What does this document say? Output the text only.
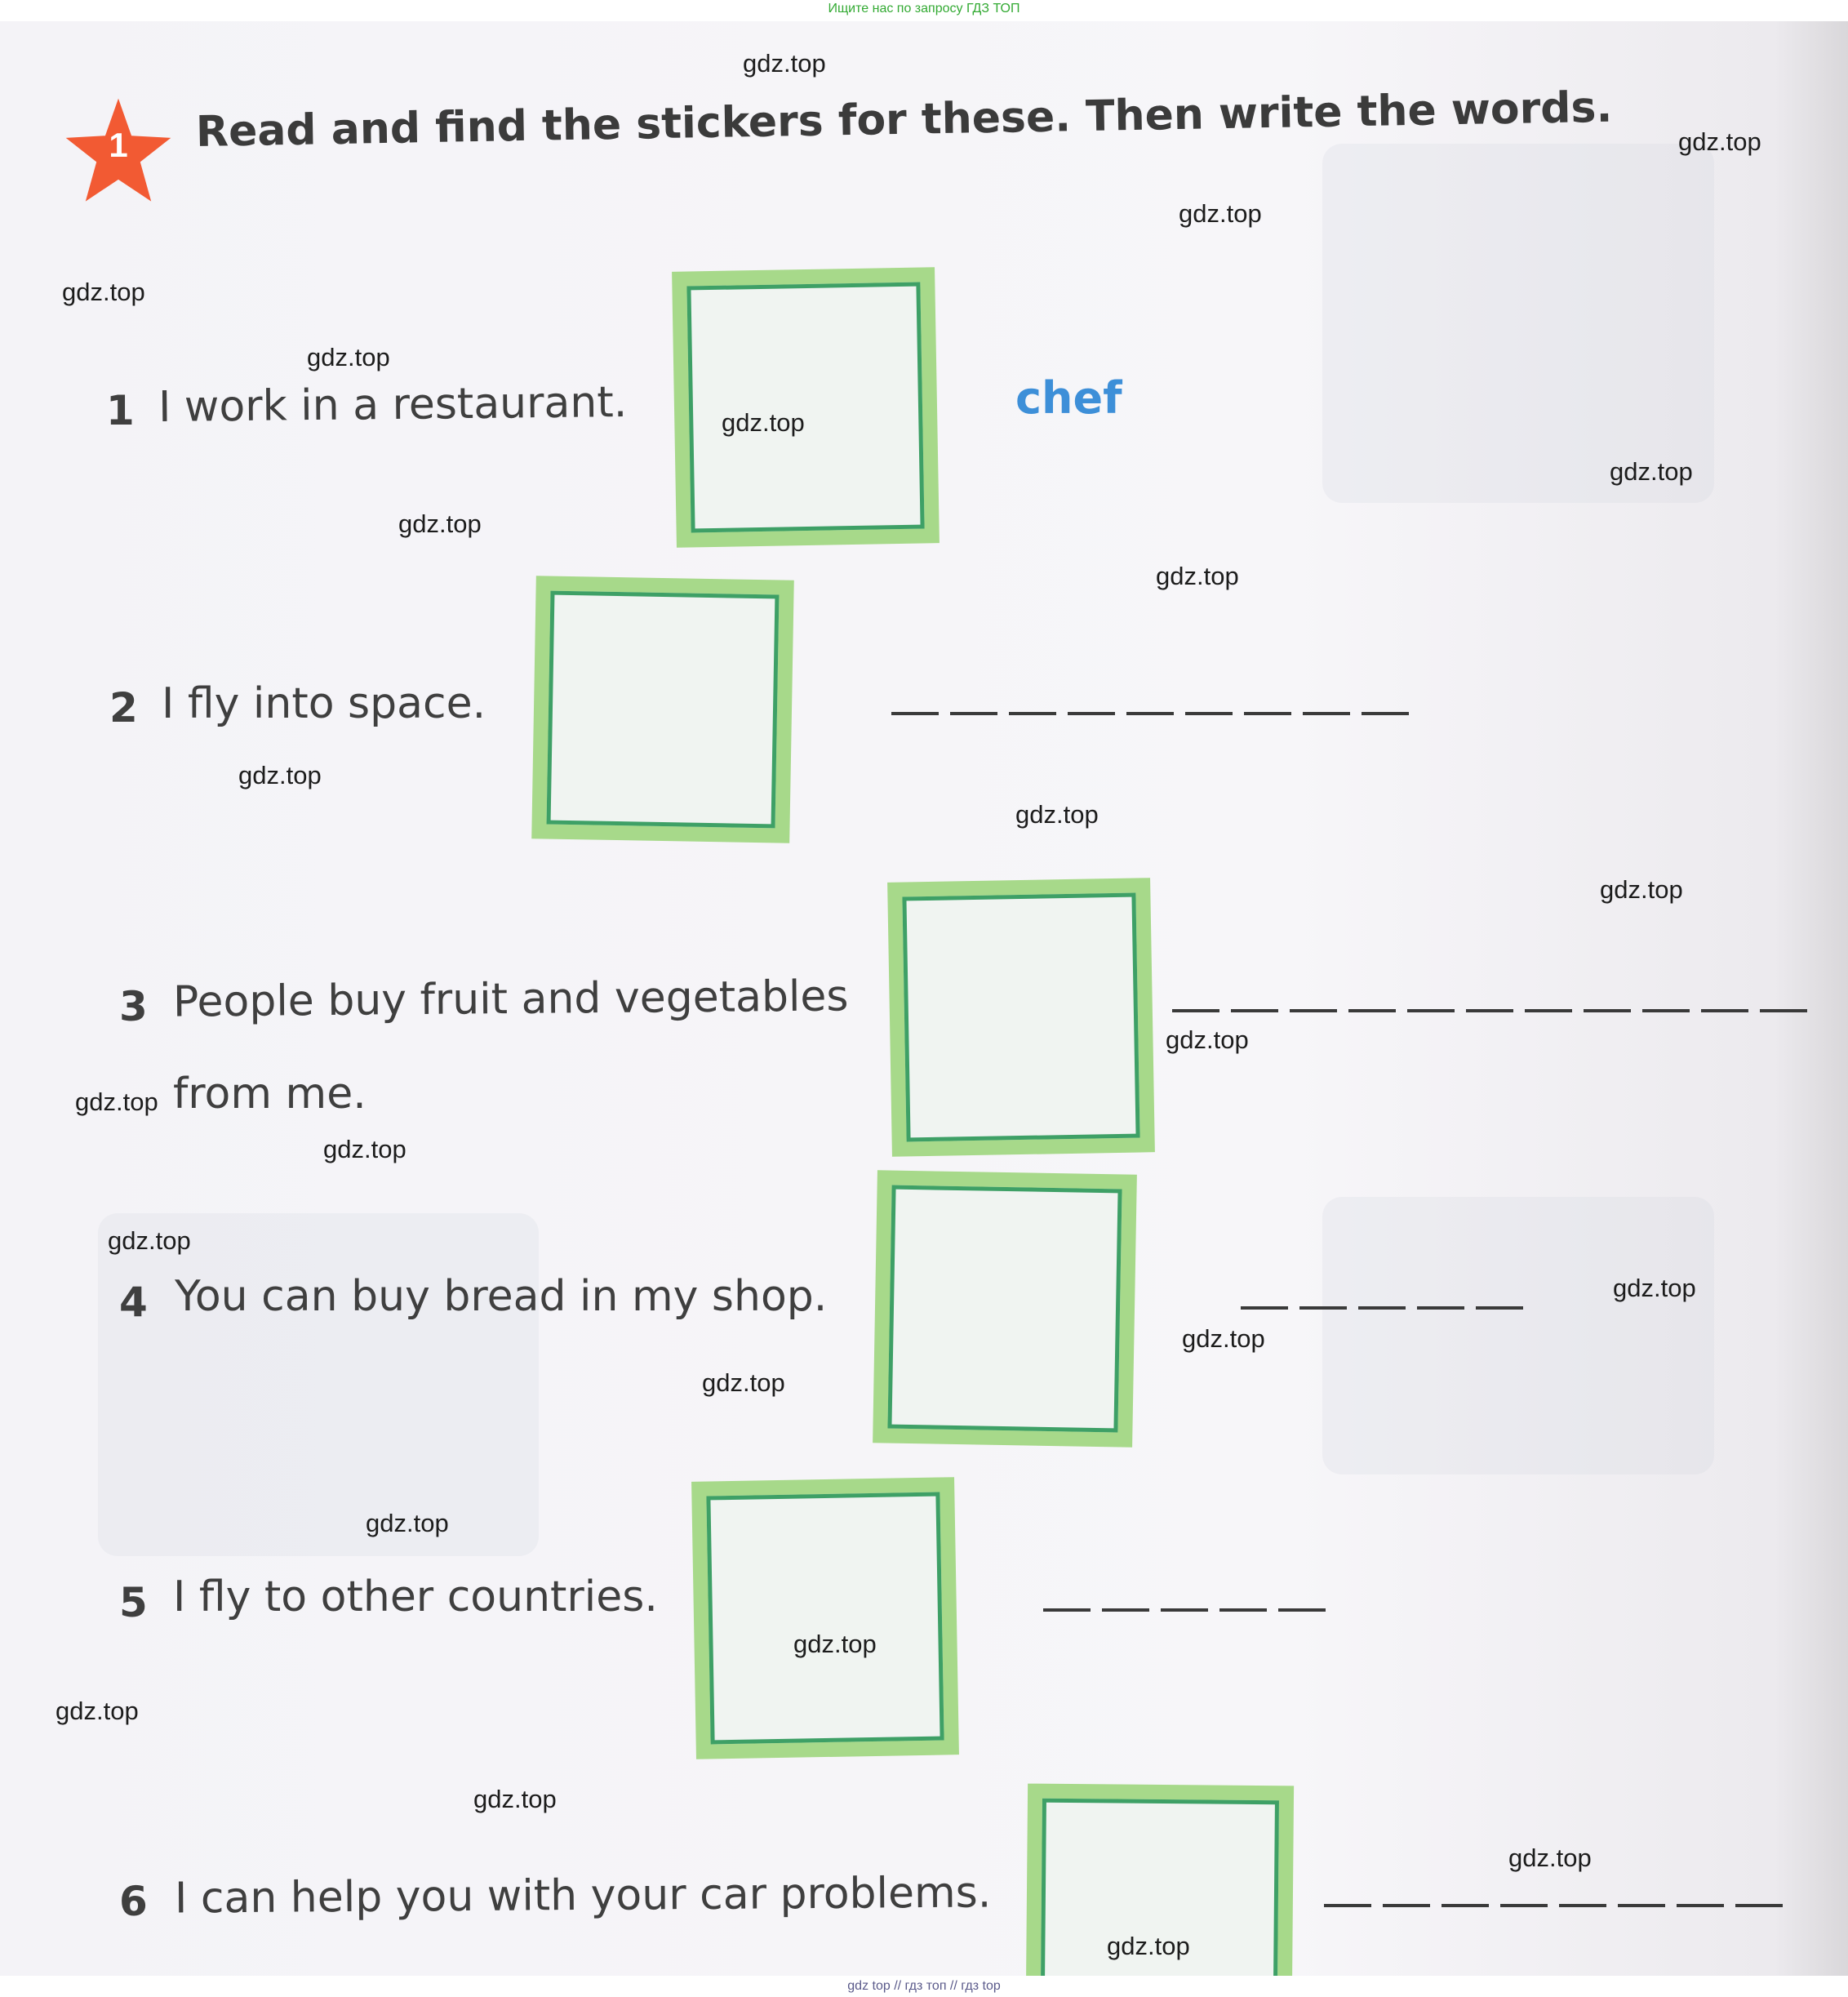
Ищите нас по запросу ГДЗ ТОП
1	Read and find the stickers for these. Then write the words.
1 I work in a restaurant.	chef
2 I fly into space.
3 People buy fruit and vegetables
from me.
4 You can buy bread in my shop.
5 I fly to other countries.
6 I can help you with your car problems.
gdz.top
gdz.top
gdz.top
gdz.top
gdz.top
gdz.top
gdz.top
gdz.top
gdz.top
gdz.top
gdz.top
gdz.top
gdz.top
gdz.top
gdz.top
gdz.top
gdz.top
gdz.top
gdz.top
gdz.top
gdz.top
gdz.top
gdz.top
gdz.top
gdz.top
gdz top // гдз топ // гдз top
